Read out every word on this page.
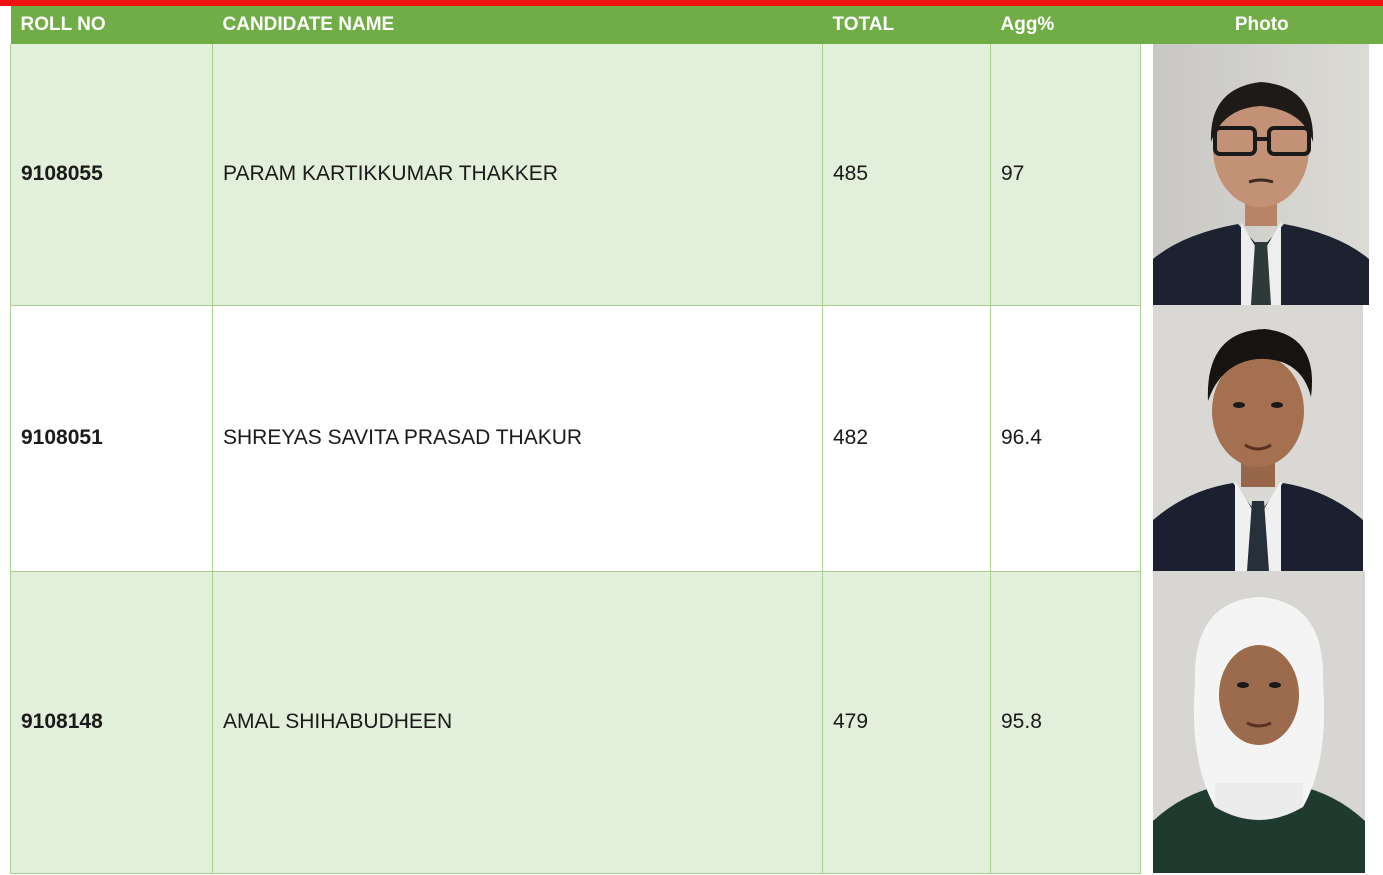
ROLL NO	CANDIDATE NAME	TOTAL	Agg%	Photo
9108055	PARAM KARTIKKUMAR THAKKER	485	97	

9108051	SHREYAS SAVITA PRASAD THAKUR	482	96.4	

9108148	AMAL SHIHABUDHEEN	479	95.8	
